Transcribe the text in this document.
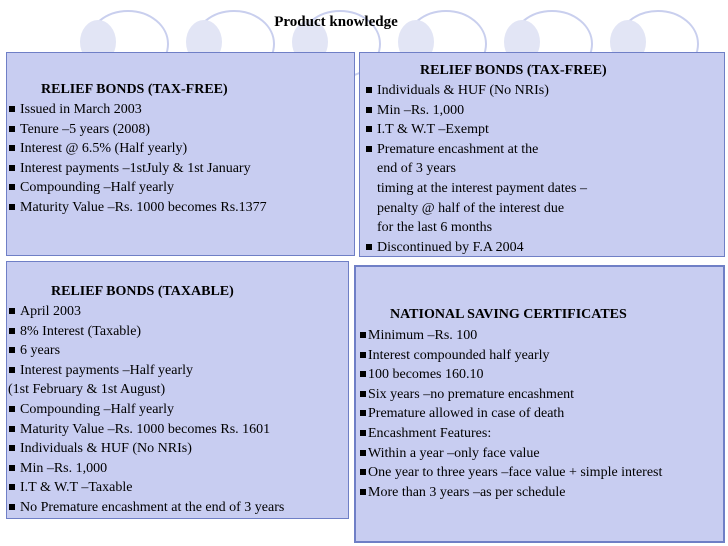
Product knowledge
RELIEF BONDS (TAX-FREE)
Issued in March 2003
Tenure –5 years (2008)
Interest @ 6.5% (Half yearly)
Interest payments –1stJuly & 1st January
Compounding –Half yearly
Maturity Value –Rs. 1000 becomes Rs.1377
RELIEF BONDS (TAX-FREE)
Individuals & HUF (No NRIs)
Min –Rs. 1,000
I.T & W.T –Exempt
Premature encashment at the
end of 3 years
timing at the interest payment dates –
penalty @ half of the interest due
for the last 6 months
Discontinued by F.A 2004
RELIEF BONDS (TAXABLE)
April 2003
8% Interest (Taxable)
6 years
Interest payments –Half yearly
(1st February & 1st August)
Compounding –Half yearly
Maturity Value –Rs. 1000 becomes Rs. 1601
Individuals & HUF (No NRIs)
Min –Rs. 1,000
I.T & W.T –Taxable
No Premature encashment at the end of 3 years
NATIONAL SAVING CERTIFICATES
Minimum –Rs. 100
Interest compounded half yearly
100 becomes 160.10
Six years –no premature encashment
Premature allowed in case of death
Encashment Features:
Within a year –only face value
One year to three years –face value + simple interest
More than 3 years –as per schedule
